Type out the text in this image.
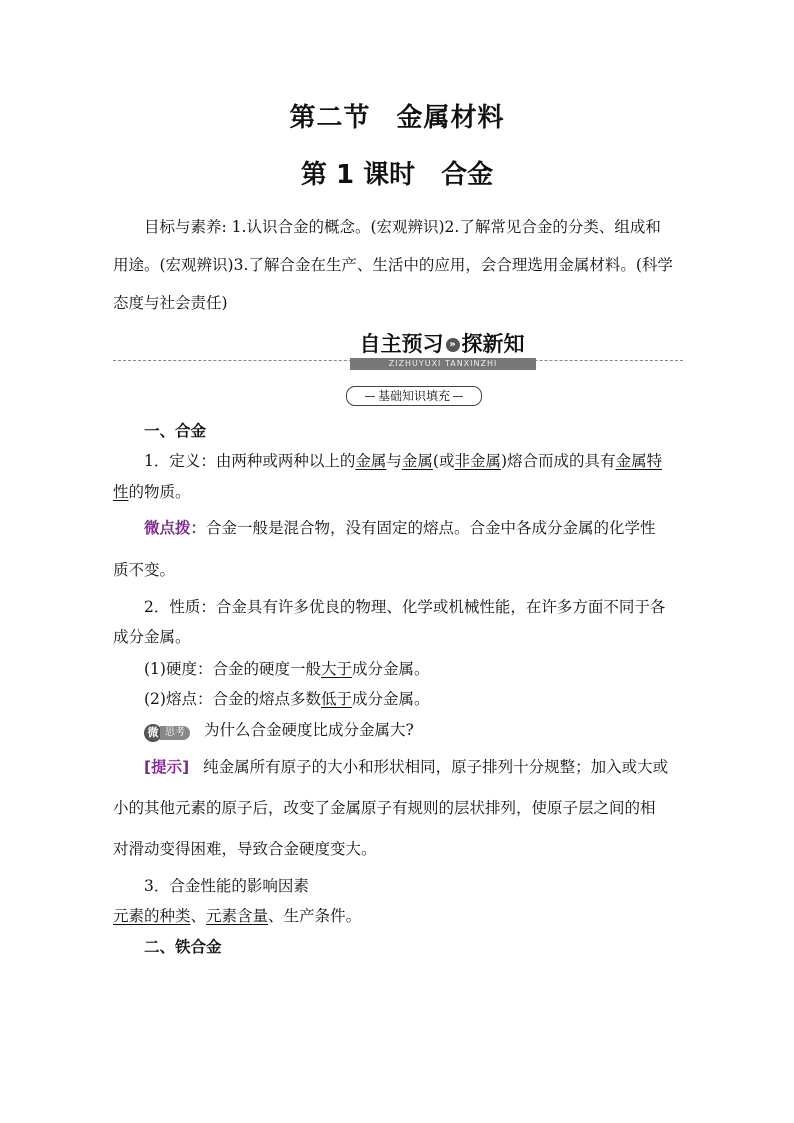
第二节 金属材料
第 1 课时 合金
目标与素养: 1.认识合金的概念。(宏观辨识)2.了解常见合金的分类、组成和
用途。(宏观辨识)3.了解合金在生产、生活中的应用，会合理选用金属材料。(科学
态度与社会责任)
自主预习 » 探新知
ZIZHUYUXI TANXINZHI
基础知识填充
一、合金
1．定义：由两种或两种以上的金属与金属(或非金属)熔合而成的具有金属特
性的物质。
微点拨：合金一般是混合物，没有固定的熔点。合金中各成分金属的化学性
质不变。
2．性质：合金具有许多优良的物理、化学或机械性能，在许多方面不同于各
成分金属。
(1)硬度：合金的硬度一般大于成分金属。
(2)熔点：合金的熔点多数低于成分金属。
微 思考 为什么合金硬度比成分金属大?
[提示] 纯金属所有原子的大小和形状相同，原子排列十分规整；加入或大或
小的其他元素的原子后，改变了金属原子有规则的层状排列，使原子层之间的相
对滑动变得困难，导致合金硬度变大。
3．合金性能的影响因素
元素的种类、元素含量、生产条件。
二、铁合金
